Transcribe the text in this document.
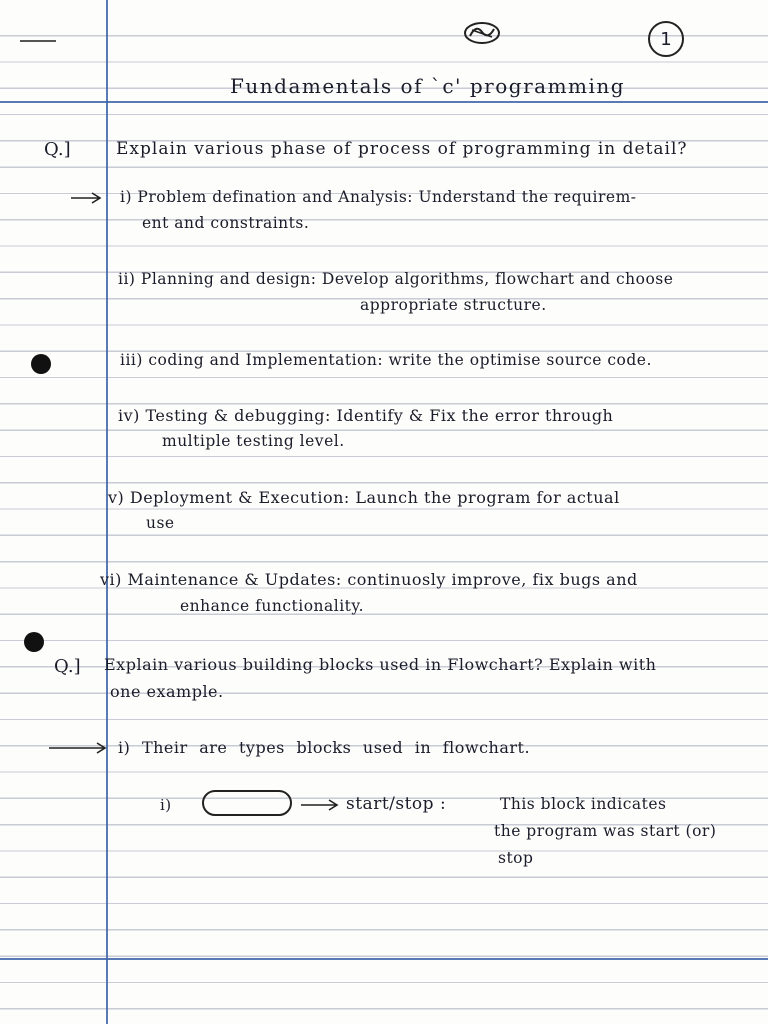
1
Fundamentals of `c' programming
Q.]	Explain various phase of process of programming in detail?
i) Problem defination and Analysis: Understand the requirem-
ent and constraints.
ii) Planning and design: Develop algorithms, flowchart and choose
appropriate structure.
iii) coding and Implementation: write the optimise source code.
iv) Testing & debugging: Identify & Fix the error through
multiple testing level.
v) Deployment & Execution: Launch the program for actual
use
vi) Maintenance & Updates: continuosly improve, fix bugs and
enhance functionality.
Q.] Explain various building blocks used in Flowchart? Explain with
one example.
i) Their are types blocks used in flowchart.
i)	start/stop :	This block indicates
the program was start (or)
stop
